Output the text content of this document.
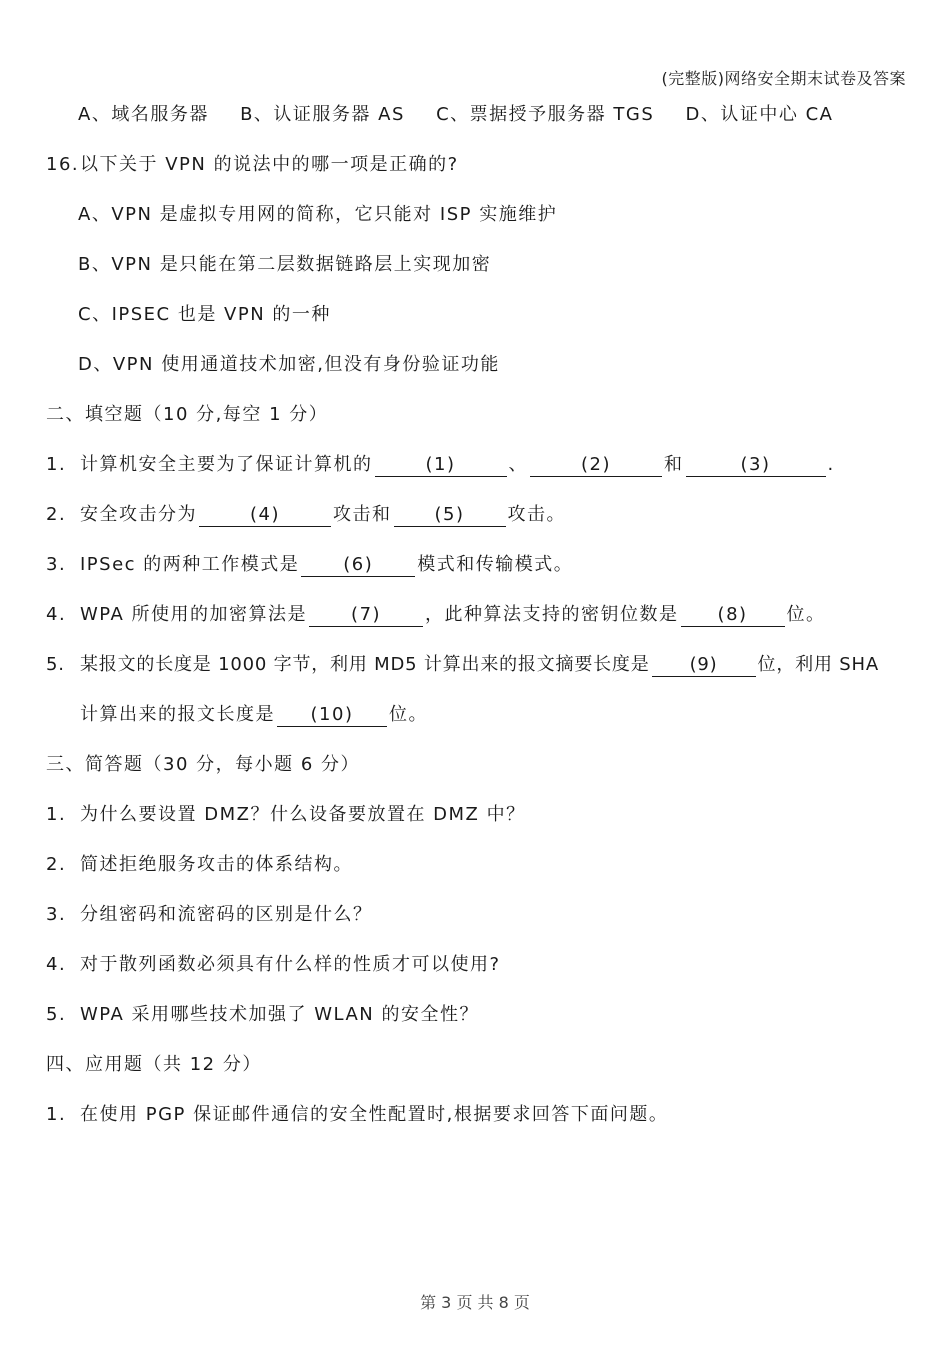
(完整版)网络安全期末试卷及答案
A、域名服务器 B、认证服务器 AS C、票据授予服务器 TGS D、认证中心 CA
16.以下关于 VPN 的说法中的哪一项是正确的?
A、VPN 是虚拟专用网的简称，它只能对 ISP 实施维护
B、VPN 是只能在第二层数据链路层上实现加密
C、IPSEC 也是 VPN 的一种
D、VPN 使用通道技术加密,但没有身份验证功能
二、填空题（10 分,每空 1 分）
1. 计算机安全主要为了保证计算机的	(1)	、	(2)	和	(3)	.
2. 安全攻击分为	(4)	攻击和 (5) 攻击。
3. IPSec 的两种工作模式是 (6) 模式和传输模式。
4. WPA 所使用的加密算法是 (7) ，此种算法支持的密钥位数是 (8) 位。
5. 某报文的长度是 1000 字节，利用 MD5 计算出来的报文摘要长度是 (9) 位，利用 SHA
计算出来的报文长度是 (10) 位。
三、简答题（30 分，每小题 6 分）
1. 为什么要设置 DMZ？什么设备要放置在 DMZ 中？
2. 简述拒绝服务攻击的体系结构。
3. 分组密码和流密码的区别是什么？
4. 对于散列函数必须具有什么样的性质才可以使用?
5. WPA 采用哪些技术加强了 WLAN 的安全性？
四、应用题（共 12 分）
1. 在使用 PGP 保证邮件通信的安全性配置时,根据要求回答下面问题。
第 3 页 共 8 页
